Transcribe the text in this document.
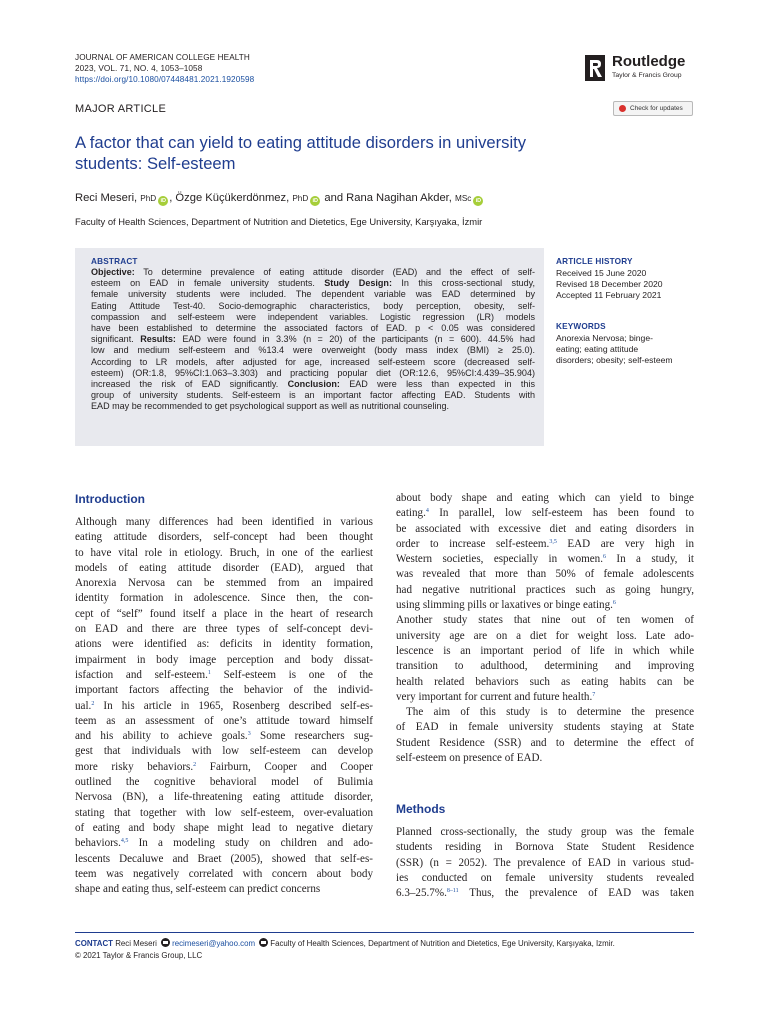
JOURNAL OF AMERICAN COLLEGE HEALTH
2023, VOL. 71, NO. 4, 1053–1058
https://doi.org/10.1080/07448481.2021.1920598
Routledge
Taylor & Francis Group
MAJOR ARTICLE	Check for updates
A factor that can yield to eating attitude disorders in university
students: Self-esteem
Reci Meseri, PhD iD , Özge Küçükerdönmez, PhD iD and Rana Nagihan Akder, MSc iD
Faculty of Health Sciences, Department of Nutrition and Dietetics, Ege University, Karşıyaka, İzmir
ABSTRACT
Objective: To determine prevalence of eating attitude disorder (EAD) and the effect of self-
esteem on EAD in female university students. Study Design: In this cross-sectional study,
female university students were included. The dependent variable was EAD determined by
Eating Attitude Test-40. Socio-demographic characteristics, body perception, obesity, self-
compassion and self-esteem were independent variables. Logistic regression (LR) models
have been established to determine the associated factors of EAD. p < 0.05 was considered
significant. Results: EAD were found in 3.3% (n = 20) of the participants (n = 600). 44.5% had
low and medium self-esteem and %13.4 were overweight (body mass index (BMI) ≥ 25.0).
According to LR models, after adjusted for age, increased self-esteem score (decreased self-
esteem) (OR:1.8, 95%CI:1.063–3.303) and practicing popular diet (OR:12.6, 95%CI:4.439–35.904)
increased the risk of EAD significantly. Conclusion: EAD were less than expected in this
group of university students. Self-esteem is an important factor affecting EAD. Students with
EAD may be recommended to get psychological support as well as nutritional counseling.
ARTICLE HISTORY
Received 15 June 2020
Revised 18 December 2020
Accepted 11 February 2021
KEYWORDS
Anorexia Nervosa; binge-
eating; eating attitude
disorders; obesity; self-esteem
Introduction
Although many differences had been identified in various
eating attitude disorders, self-concept had been thought
to have vital role in etiology. Bruch, in one of the earliest
models of eating attitude disorder (EAD), argued that
Anorexia Nervosa can be stemmed from an impaired
identity formation in adolescence. Since then, the con-
cept of “self” found itself a place in the heart of research
on EAD and there are three types of self-concept devi-
ations were identified as: deficits in identity formation,
impairment in body image perception and body dissat-
isfaction and self-esteem.$^1$ Self-esteem is one of the
important factors affecting the behavior of the individ-
ual.$^2$ In his article in 1965, Rosenberg described self-es-
teem as an assessment of one’s attitude toward himself
and his ability to achieve goals.$^3$ Some researchers sug-
gest that individuals with low self-esteem can develop
more risky behaviors.$^2$ Fairburn, Cooper and Cooper
outlined the cognitive behavioral model of Bulimia
Nervosa (BN), a life-threatening eating attitude disorder,
stating that together with low self-esteem, over-evaluation
of eating and body shape might lead to negative dietary
behaviors.$^{4,5}$ In a modeling study on children and ado-
lescents Decaluwe and Braet (2005), showed that self-es-
teem was negatively correlated with concern about body
shape and eating thus, self-esteem can predict concerns
about body shape and eating which can yield to binge
eating.$^4$ In parallel, low self-esteem has been found to
be associated with excessive diet and eating disorders in
order to increase self-esteem.$^{3,5}$ EAD are very high in
Western societies, especially in women.$^6$ In a study, it
was revealed that more than 50% of female adolescents
had negative nutritional practices such as going hungry,
using slimming pills or laxatives or binge eating.$^6$
Another study states that nine out of ten women of
university age are on a diet for weight loss. Late ado-
lescence is an important period of life in which while
transition to adulthood, determining and improving
health related behaviors such as eating habits can be
very important for current and future health.$^7$
The aim of this study is to determine the presence
of EAD in female university students staying at State
Student Residence (SSR) and to determine the effect of
self-esteem on presence of EAD.
Methods
Planned cross-sectionally, the study group was the female
students residing in Bornova State Student Residence
(SSR) (n = 2052). The prevalence of EAD in various stud-
ies conducted on female university students revealed
6.3–25.7%.$^{8-11}$ Thus, the prevalence of EAD was taken
CONTACT Reci Meseri recimeseri@yahoo.com Faculty of Health Sciences, Department of Nutrition and Dietetics, Ege University, Karşıyaka, Izmir.
© 2021 Taylor & Francis Group, LLC
